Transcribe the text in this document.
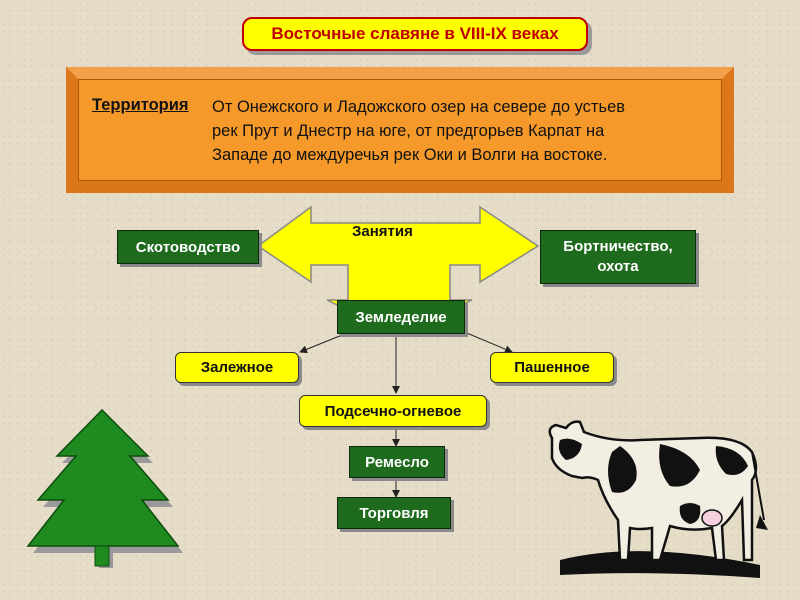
Восточные славяне в VIII-IX веках
Территория От Онежского и Ладожского озер на севере до устьев
рек Прут и Днестр на юге, от предгорьев Карпат на
Западе до междуречья рек Оки и Волги на востоке.
Занятия
Скотоводство	Бортничество,
охота
Земледелие
Залежное	Пашенное
Подсечно-огневое
Ремесло
Торговля
